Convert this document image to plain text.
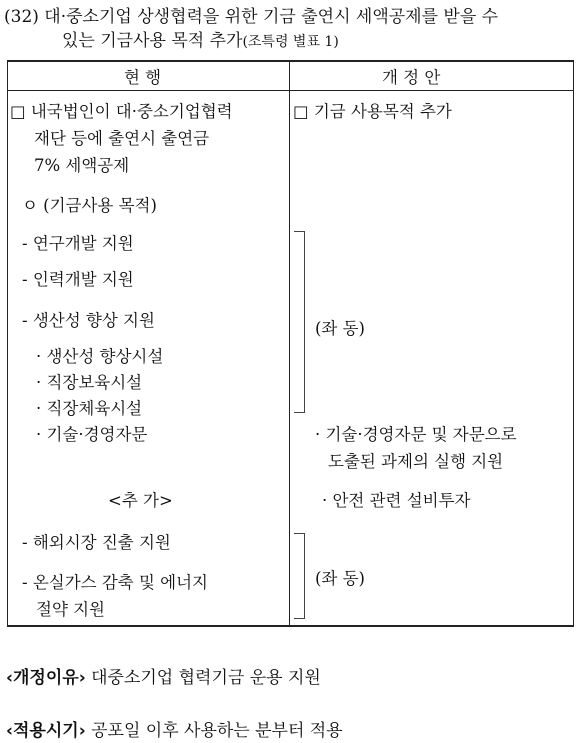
(32) 대·중소기업 상생협력을 위한 기금 출연시 세액공제를 받을 수
있는 기금사용 목적 추가(조특령 별표 1)
현 행	개 정 안
□ 내국법인이 대·중소기업협력
재단 등에 출연시 출연금
7% 세액공제
ㅇ (기금사용 목적)
- 연구개발 지원
- 인력개발 지원
- 생산성 향상 지원
· 생산성 향상시설
· 직장보육시설
· 직장체육시설
· 기술·경영자문
<추 가>
- 해외시장 진출 지원
- 온실가스 감축 및 에너지
절약 지원
□ 기금 사용목적 추가
(좌 동)
· 기술·경영자문 및 자문으로
도출된 과제의 실행 지원
· 안전 관련 설비투자
(좌 동)
‹개정이유› 대중소기업 협력기금 운용 지원
‹적용시기› 공포일 이후 사용하는 분부터 적용
